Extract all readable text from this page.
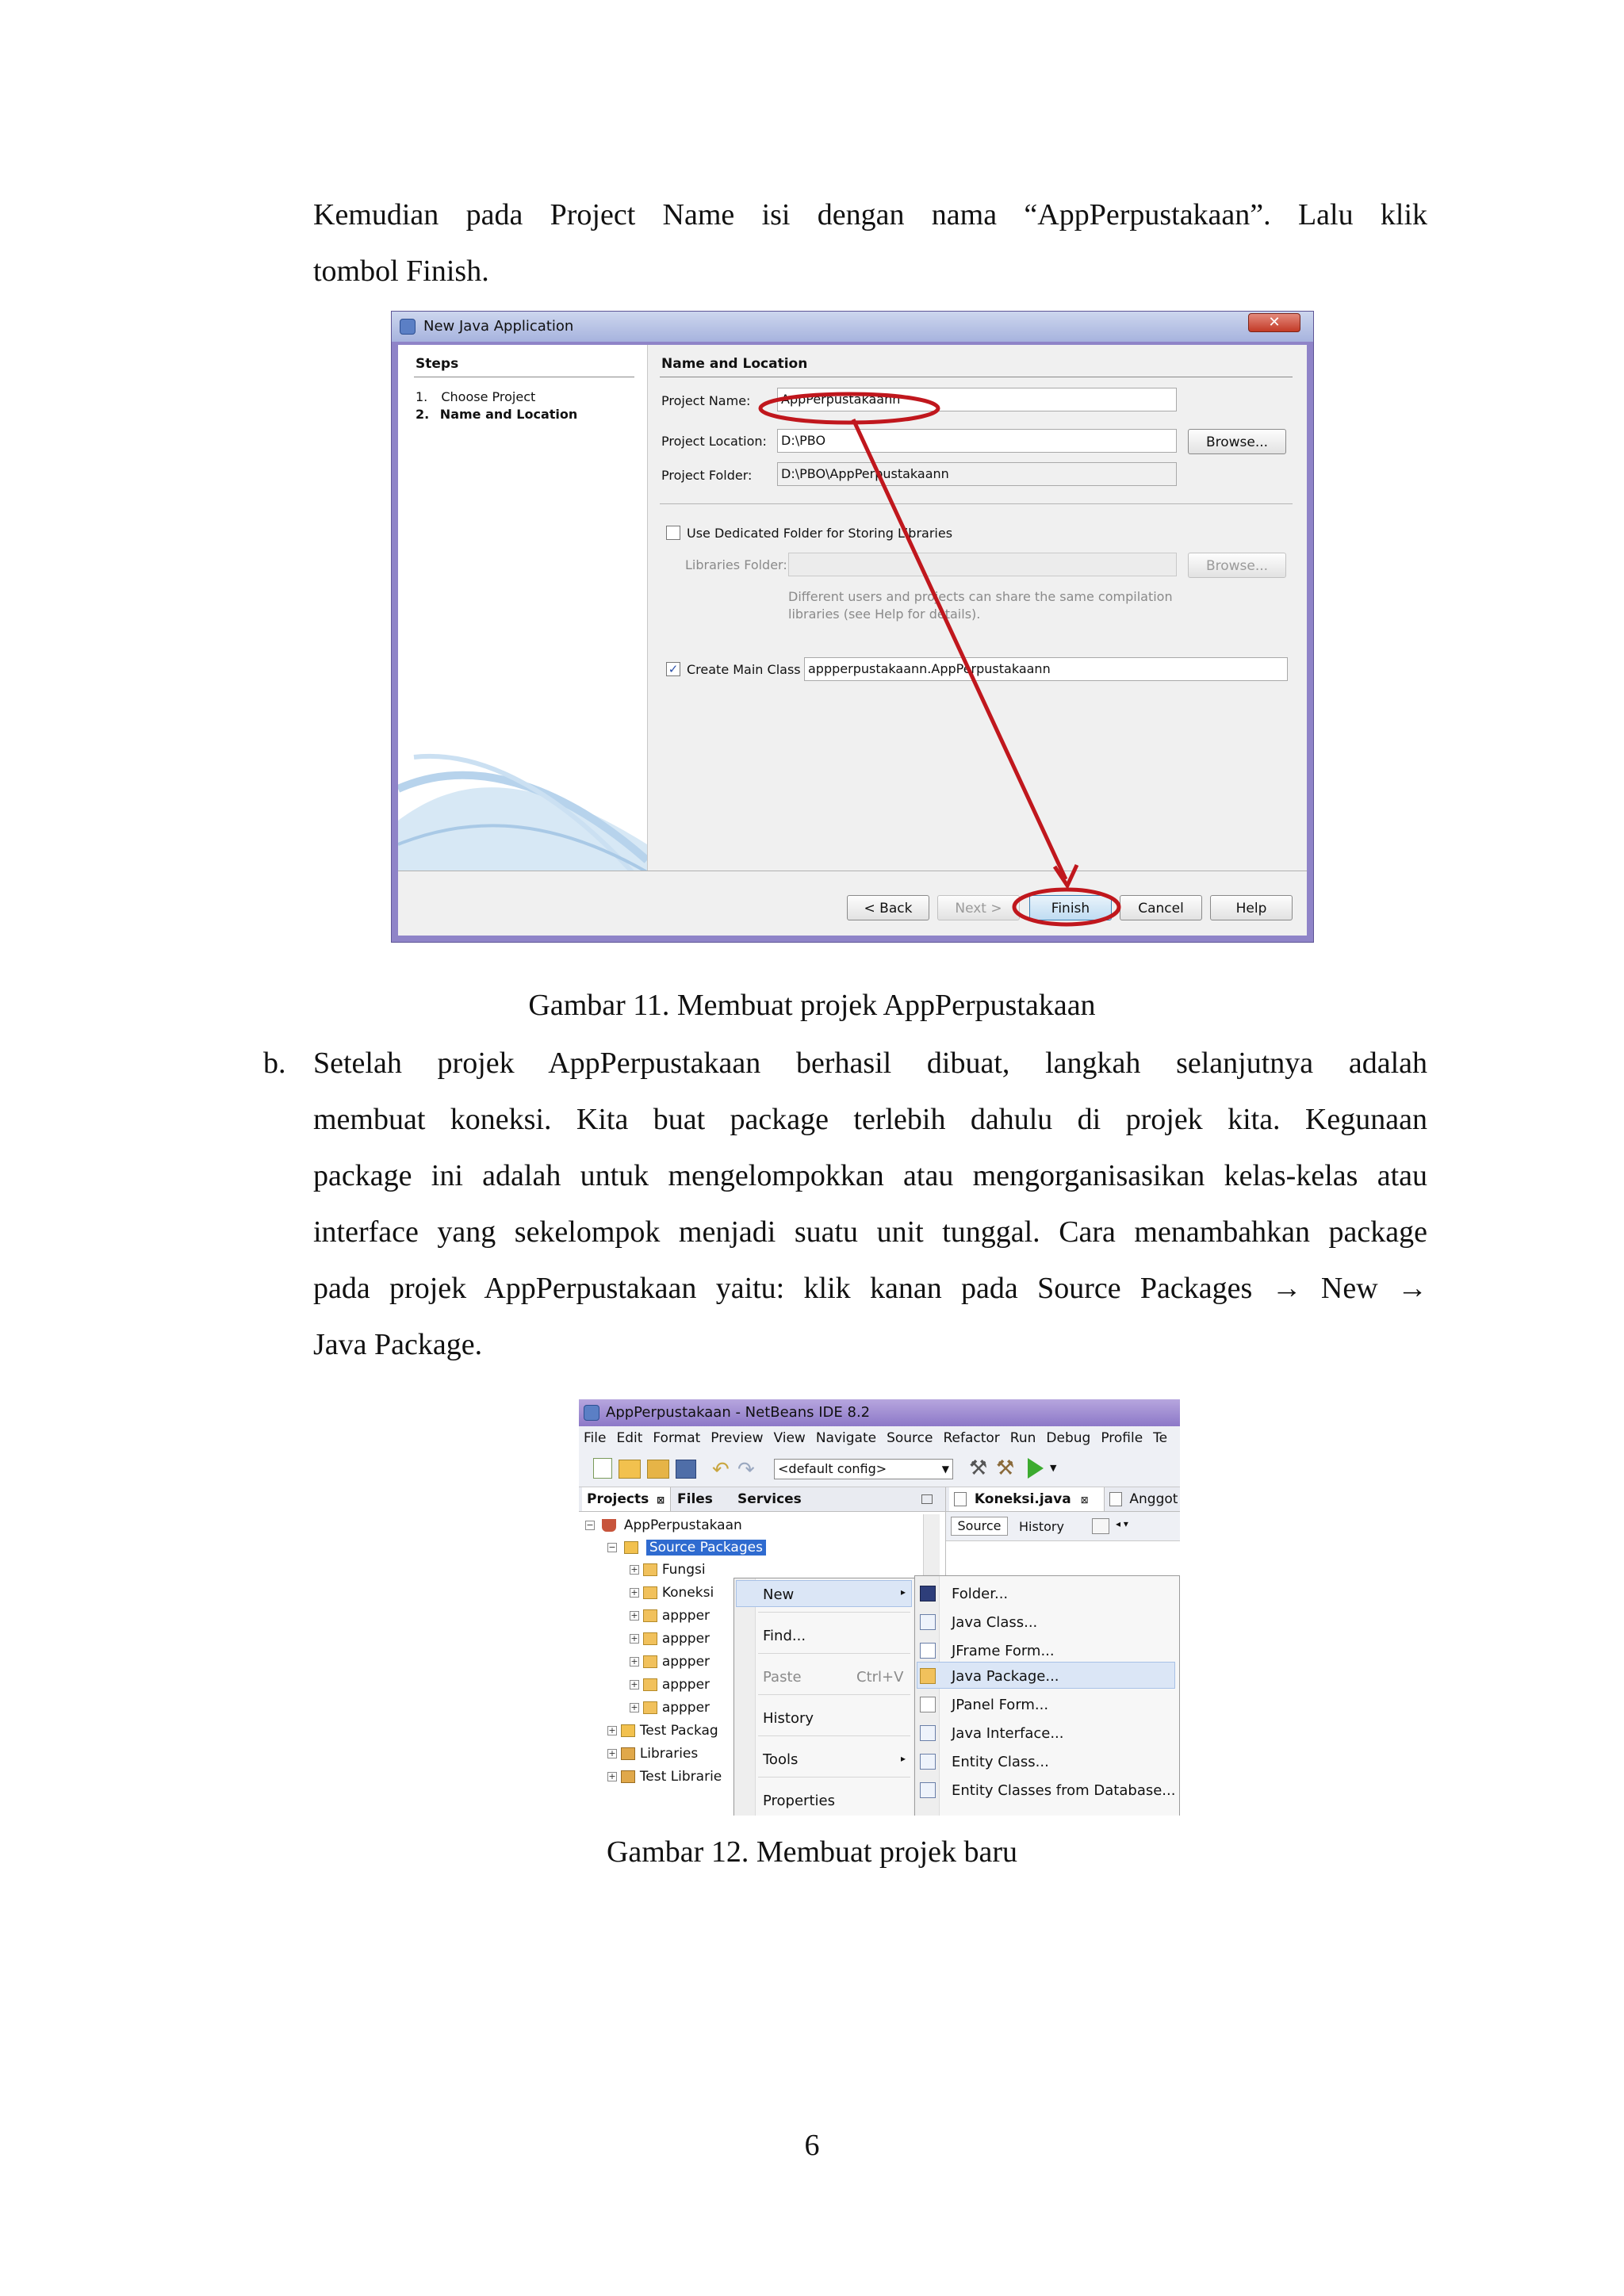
Kemudian pada Project Name isi dengan nama “AppPerpustakaan”. Lalu klik
tombol Finish.
New Java Application	✕
Steps
1. Choose Project
2. Name and Location
Name and Location
Project Name:	AppPerpustakaann
Project Location:	D:\PBO	Browse...
Project Folder:	D:\PBO\AppPerpustakaann
Use Dedicated Folder for Storing Libraries
Libraries Folder:	Browse...
Different users and projects can share the same compilation
libraries (see Help for details).
✓ Create Main Class appperpustakaann.AppPerpustakaann
< Back	Next >	Finish	Cancel	Help
Gambar 11. Membuat projek AppPerpustakaan
b. Setelah projek AppPerpustakaan berhasil dibuat, langkah selanjutnya adalah
membuat koneksi. Kita buat package terlebih dahulu di projek kita. Kegunaan
package ini adalah untuk mengelompokkan atau mengorganisasikan kelas-kelas atau
interface yang sekelompok menjadi suatu unit tunggal. Cara menambahkan package
pada projek AppPerpustakaan yaitu: klik kanan pada Source Packages → New →
Java Package.
AppPerpustakaan - NetBeans IDE 8.2
File Edit Format Preview View Navigate Source Refactor Run Debug Profile Te
↶ ↷	<default config>	▼ ⚒ ⚒	▼
Projects ⊠ Files Services
− AppPerpustakaan
− Source Packages
+ Fungsi
+ Koneksi
+ appper
+ appper
+ appper
+ appper
+ appper
+ Test Packag
+ Libraries
+ Test Librarie
Koneksi.java ⊠	Anggot
Source	History	◂ ▾
New	▸
Find...
Paste	Ctrl+V
History
Tools	▸
Properties
Folder...
Java Class...
JFrame Form...
Java Package...
JPanel Form...
Java Interface...
Entity Class...
Entity Classes from Database...
Gambar 12. Membuat projek baru
6
